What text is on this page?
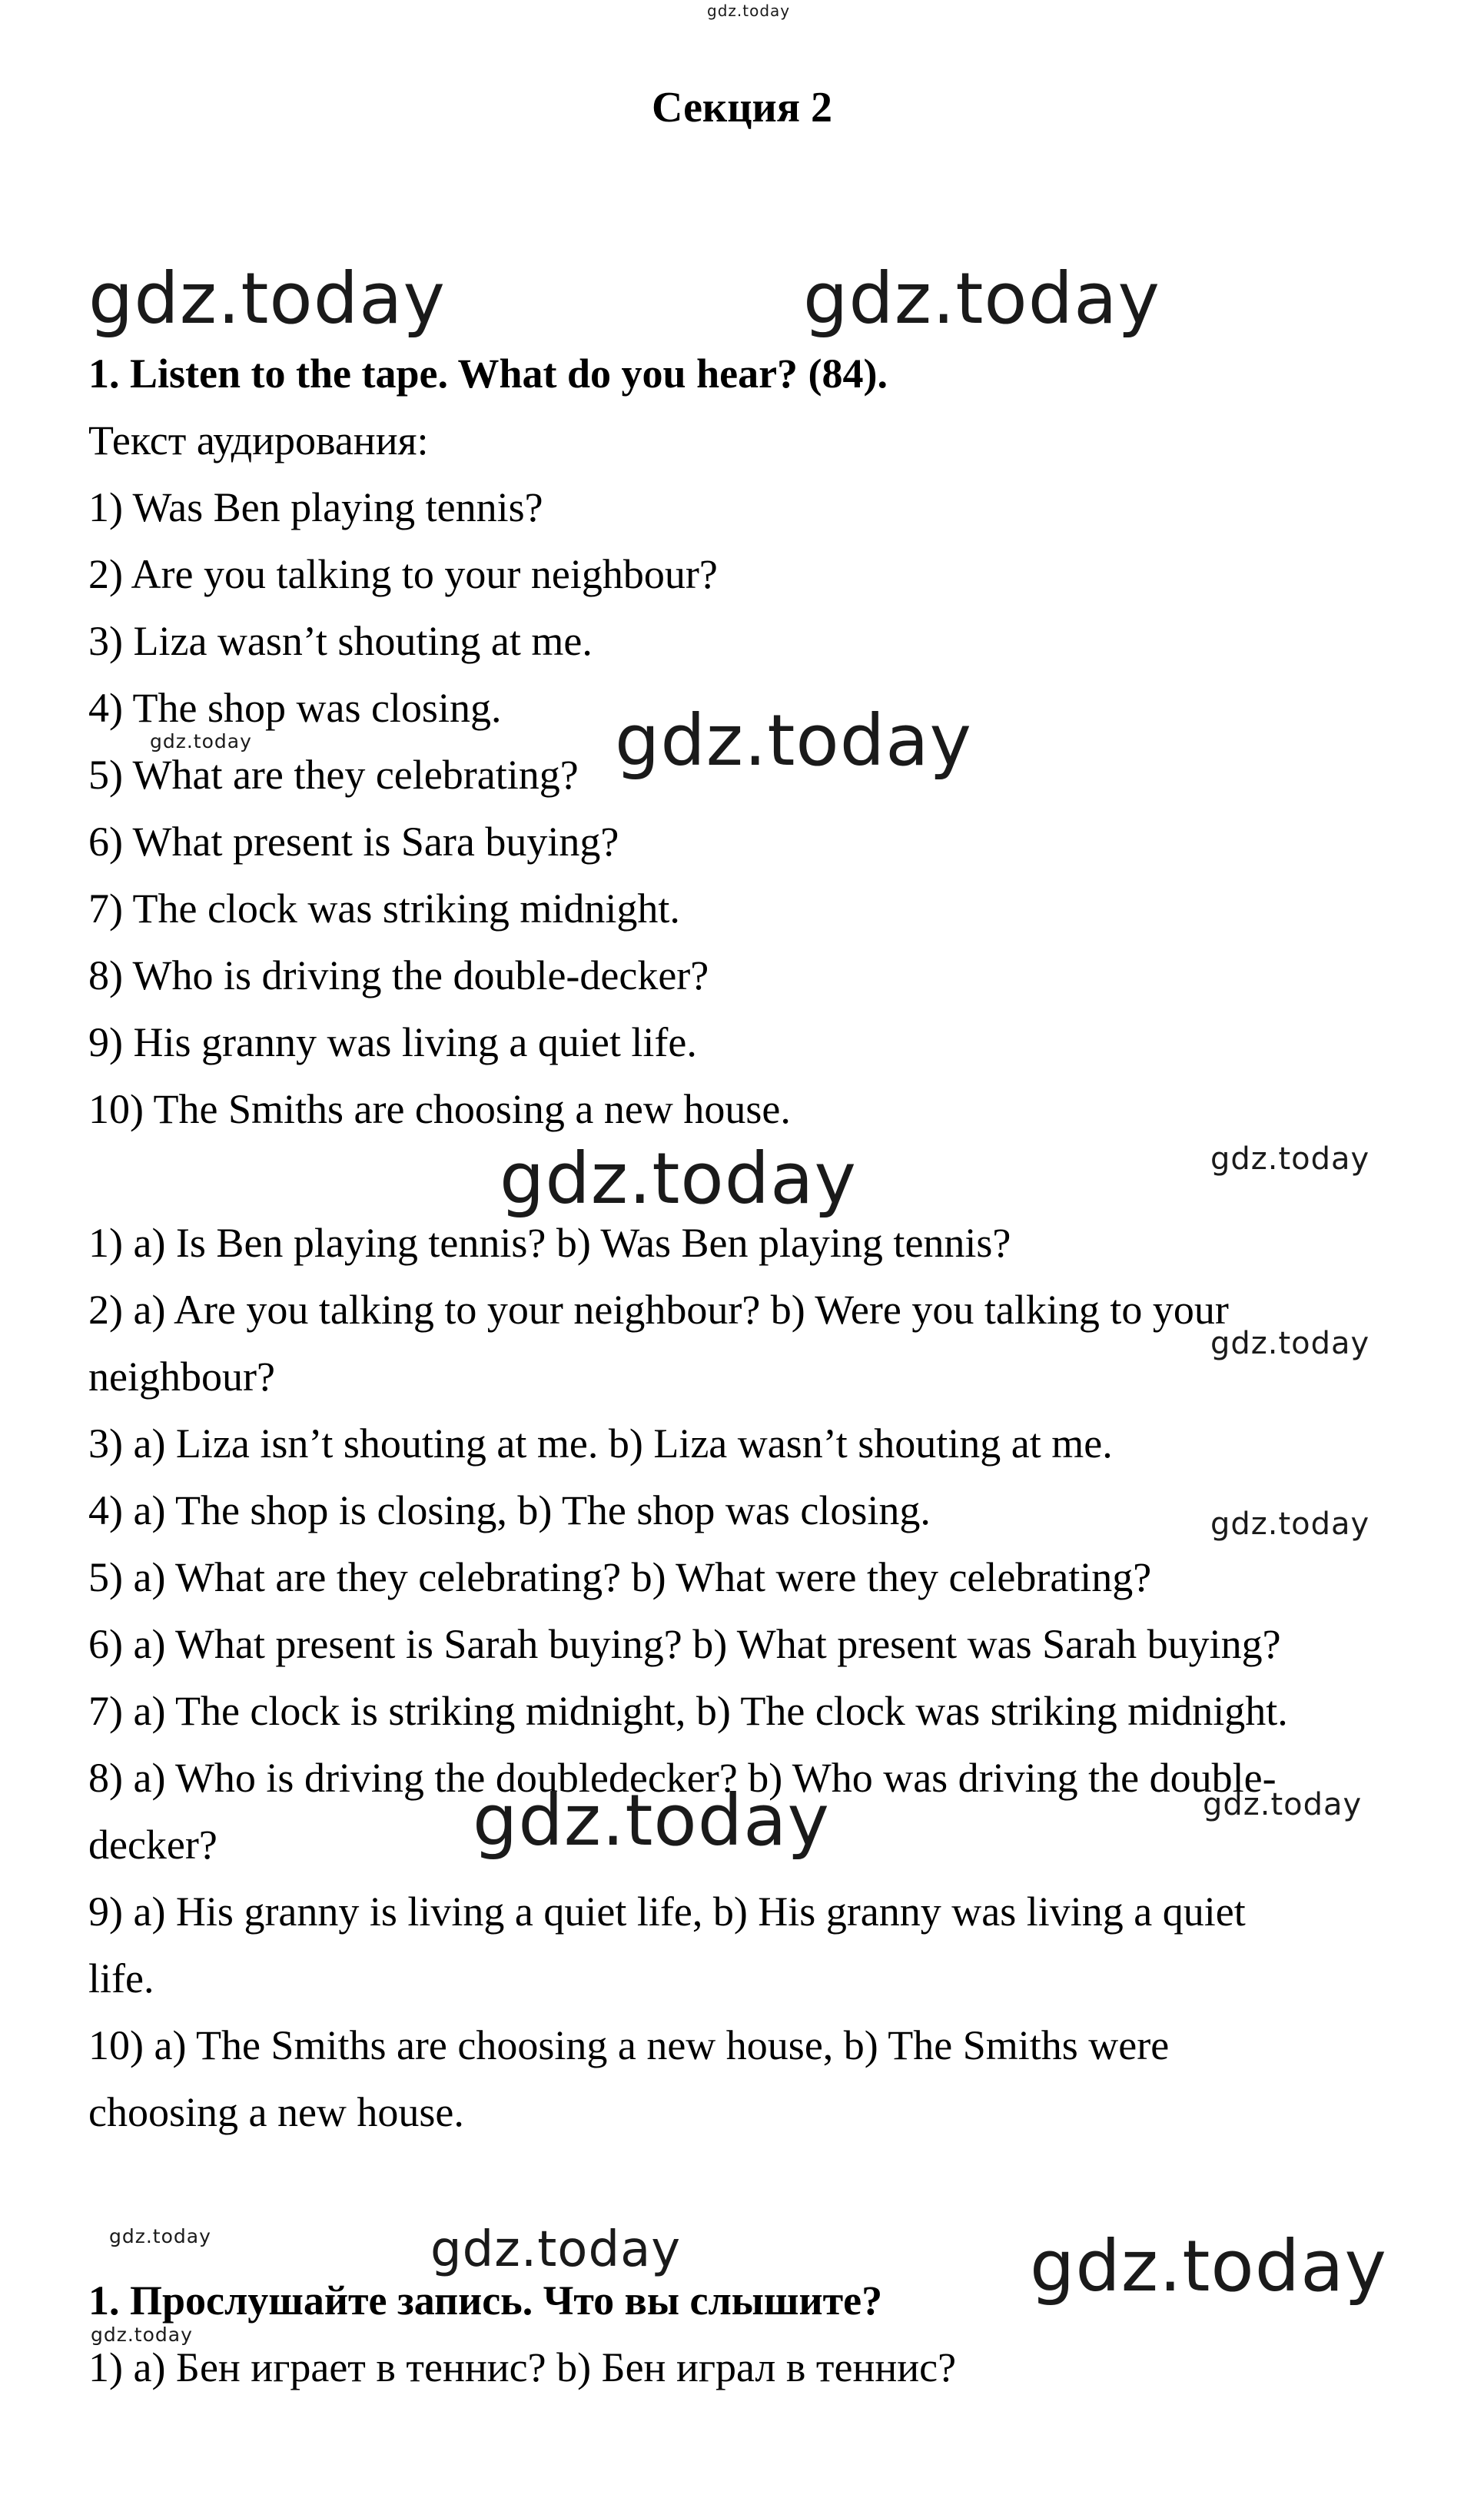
Секция 2
1. Listen to the tape. What do you hear? (84).
Текст аудирования:
1) Was Ben playing tennis?
2) Are you talking to your neighbour?
3) Liza wasn’t shouting at me.
4) The shop was closing.
5) What are they celebrating?
6) What present is Sara buying?
7) The clock was striking midnight.
8) Who is driving the double-decker?
9) His granny was living a quiet life.
10) The Smiths are choosing a new house.
1) a) Is Ben playing tennis? b) Was Ben playing tennis?
2) a) Are you talking to your neighbour? b) Were you talking to your
neighbour?
3) a) Liza isn’t shouting at me. b) Liza wasn’t shouting at me.
4) a) The shop is closing, b) The shop was closing.
5) a) What are they celebrating? b) What were they celebrating?
6) a) What present is Sarah buying? b) What present was Sarah buying?
7) a) The clock is striking midnight, b) The clock was striking midnight.
8) a) Who is driving the doubledecker? b) Who was driving the double-
decker?
9) a) His granny is living a quiet life, b) His granny was living a quiet
life.
10) a) The Smiths are choosing a new house, b) The Smiths were
choosing a new house.
1. Прослушайте запись. Что вы слышите?
1) а) Бен играет в теннис? b) Бен играл в теннис?
gdz.today
gdz.today	gdz.today
gdz.today	gdz.today
gdz.today	gdz.today
gdz.today
gdz.today
gdz.today	gdz.today
gdz.today	gdz.today	gdz.today
gdz.today
